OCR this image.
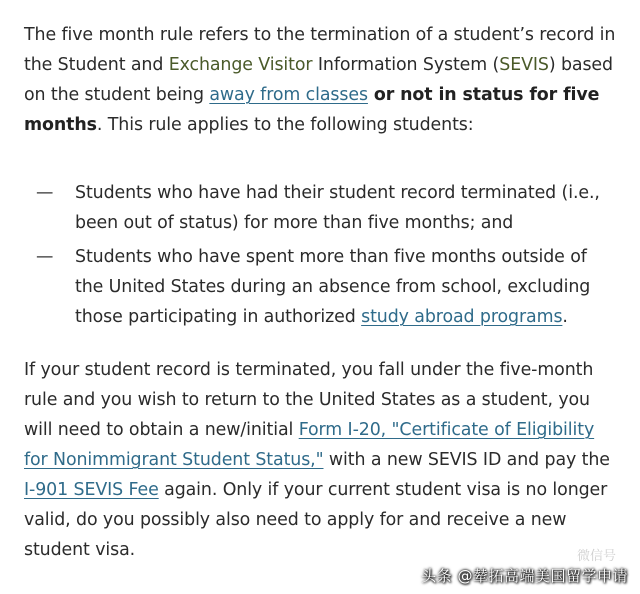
The five month rule refers to the termination of a student’s record in the Student and Exchange Visitor Information System (SEVIS) based on the student being away from classes or not in status for five months. This rule applies to the following students:

— Students who have had their student record terminated (i.e., been out of status) for more than five months; and
— Students who have spent more than five months outside of the United States during an absence from school, excluding those participating in authorized study abroad programs.

If your student record is terminated, you fall under the five-month rule and you wish to return to the United States as a student, you will need to obtain a new/initial Form I-20, "Certificate of Eligibility for Nonimmigrant Student Status," with a new SEVIS ID and pay the I-901 SEVIS Fee again. Only if your current student visa is no longer valid, do you possibly also need to apply for and receive a new student visa.	微信号
头条 @辇拓高端美国留学申请
